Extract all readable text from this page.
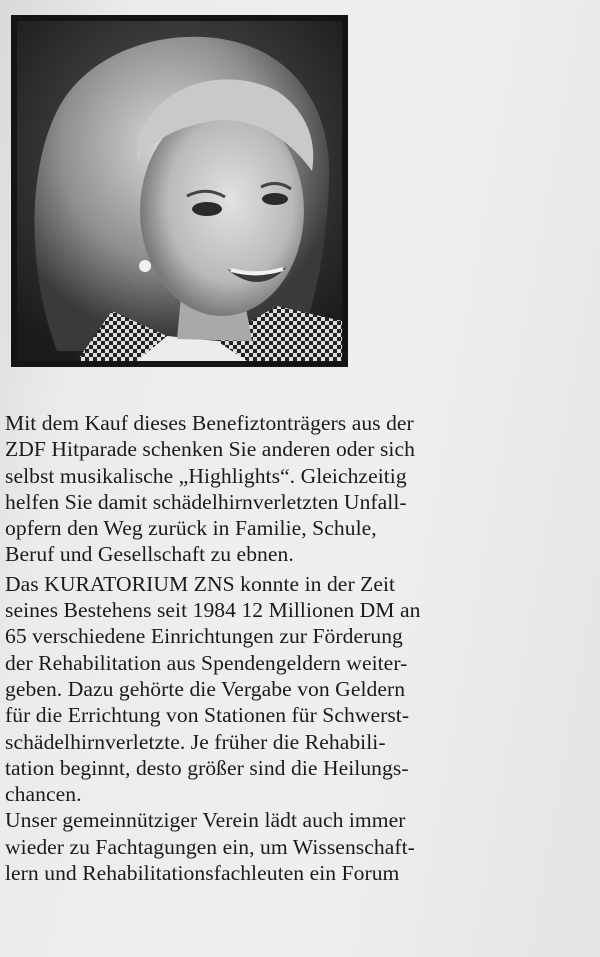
Mit dem Kauf dieses Benefiztonträgers aus der
ZDF Hitparade schenken Sie anderen oder sich
selbst musikalische „Highlights“. Gleichzeitig
helfen Sie damit schädelhirnverletzten Unfall-
opfern den Weg zurück in Familie, Schule,
Beruf und Gesellschaft zu ebnen.
Das KURATORIUM ZNS konnte in der Zeit
seines Bestehens seit 1984 12 Millionen DM an
65 verschiedene Einrichtungen zur Förderung
der Rehabilitation aus Spendengeldern weiter-
geben. Dazu gehörte die Vergabe von Geldern
für die Errichtung von Stationen für Schwerst-
schädelhirnverletzte. Je früher die Rehabili-
tation beginnt, desto größer sind die Heilungs-
chancen.
Unser gemeinnütziger Verein lädt auch immer
wieder zu Fachtagungen ein, um Wissenschaft-
lern und Rehabilitationsfachleuten ein Forum
